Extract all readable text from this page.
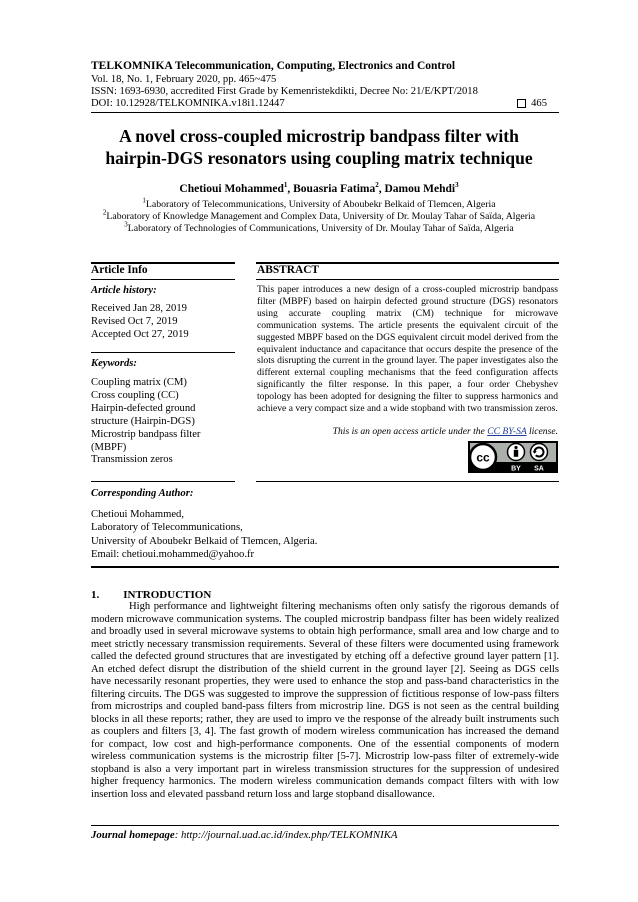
TELKOMNIKA Telecommunication, Computing, Electronics and Control
Vol. 18, No. 1, February 2020, pp. 465~475
ISSN: 1693-6930, accredited First Grade by Kemenristekdikti, Decree No: 21/E/KPT/2018
DOI: 10.12928/TELKOMNIKA.v18i1.12447	465
A novel cross-coupled microstrip bandpass filter with
hairpin-DGS resonators using coupling matrix technique
Chetioui Mohammed$^1$, Bouasria Fatima$^2$, Damou Mehdi$^3$
$^1$Laboratory of Telecommunications, University of Aboubekr Belkaid of Tlemcen, Algeria
$^2$Laboratory of Knowledge Management and Complex Data, University of Dr. Moulay Tahar of Saïda, Algeria
$^3$Laboratory of Technologies of Communications, University of Dr. Moulay Tahar of Saïda, Algeria
Article Info	ABSTRACT
Article history:
Received Jan 28, 2019
Revised Oct 7, 2019
Accepted Oct 27, 2019
Keywords:
Coupling matrix (CM)
Cross coupling (CC)
Hairpin-defected ground
structure (Hairpin-DGS)
Microstrip bandpass filter
(MBPF)
Transmission zeros
This paper introduces a new design of a cross-coupled microstrip bandpass filter (MBPF) based on hairpin defected ground structure (DGS) resonators using accurate coupling matrix (CM) technique for microwave communication systems. The article presents the equivalent circuit of the suggested MBPF based on the DGS equivalent circuit model derived from the equivalent inductance and capacitance that occurs despite the presence of the slots disrupting the current in the ground layer. The paper investigates also the different external coupling mechanisms that the feed configuration affects significantly the filter response. In this paper, a four order Chebyshev topology has been adopted for designing the filter to suppress harmonics and achieve a very compact size and a wide stopband with two transmission zeros.
This is an open access article under the CC BY-SA license.
cc
BY SA
Corresponding Author:
Chetioui Mohammed,
Laboratory of Telecommunications,
University of Aboubekr Belkaid of Tlemcen, Algeria.
Email: chetioui.mohammed@yahoo.fr
1. INTRODUCTION

High performance and lightweight filtering mechanisms often only satisfy the rigorous demands of modern microwave communication systems. The coupled microstrip bandpass filter has been widely realized and broadly used in several microwave systems to obtain high performance, small area and low charge and to meet strictly necessary transmission requirements. Several of these filters were documented using framework called the defected ground structures that are investigated by etching off a defective ground layer pattern [1]. An etched defect disrupt the distribution of the shield current in the ground layer [2]. Seeing as DGS cells have necessarily resonant properties, they were used to enhance the stop and pass-band characteristics in the filtering circuits. The DGS was suggested to improve the suppression of fictitious response of low-pass filters from microstrips and coupled band-pass filters from microstrip line. DGS is not seen as the central building blocks in all these reports; rather, they are used to impro ve the response of the already built instruments such as couplers and filters [3, 4]. The fast growth of modern wireless communication has increased the demand for compact, low cost and high-performance components. One of the essential components of modern wireless communication systems is the microstrip filter [5-7]. Microstrip low-pass filter of extremely-wide stopband is also a very important part in wireless transmission structures for the suppression of undesired higher frequency harmonics. The modern wireless communication demands compact filters with with low insertion loss and elevated passband return loss and large stopband disallowance.

Journal homepage: http://journal.uad.ac.id/index.php/TELKOMNIKA
